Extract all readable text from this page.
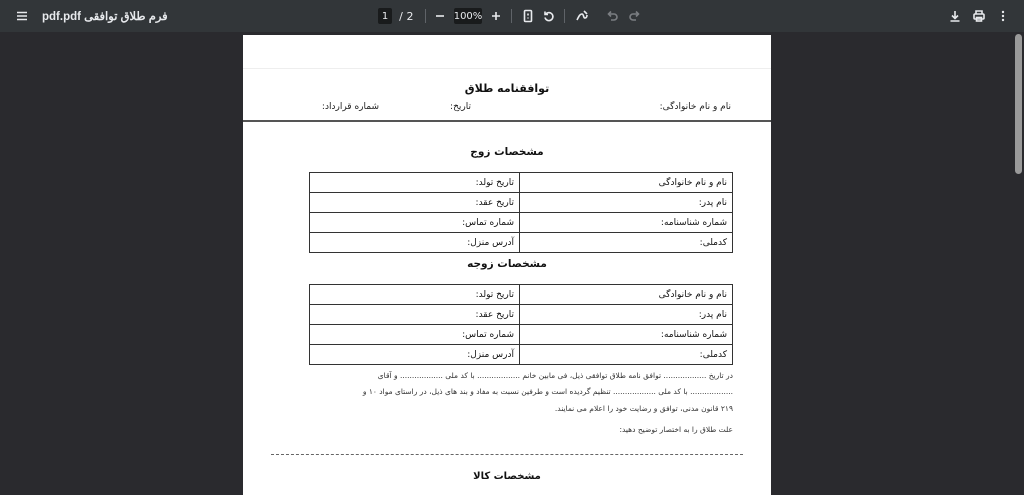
pdf.pdf فرم طلاق توافقی	1 / 2	100%
توافقنامه طلاق
نام و نام خانوادگی:
تاریخ:
شماره قرارداد:
مشخصات زوج
نام و نام خانوادگی	تاریخ تولد:
نام پدر:	تاریخ عقد:
شماره شناسنامه:	شماره تماس:
کدملی:	آدرس منزل:
مشخصات زوجه
نام و نام خانوادگی	تاریخ تولد:
نام پدر:	تاریخ عقد:
شماره شناسنامه:	شماره تماس:
کدملی:	آدرس منزل:
در تاریخ .................. توافق نامه طلاق توافقی ذیل، فی مابین خانم .................. با کد ملی .................. و آقای
.................. با کد ملی .................. تنظیم گردیده است و طرفین نسبت به مفاد و بند های ذیل، در راستای مواد ۱۰ و
۲۱۹ قانون مدنی، توافق و رضایت خود را اعلام می نمایند.
علت طلاق را به اختصار توضیح دهید:
مشخصات کالا
